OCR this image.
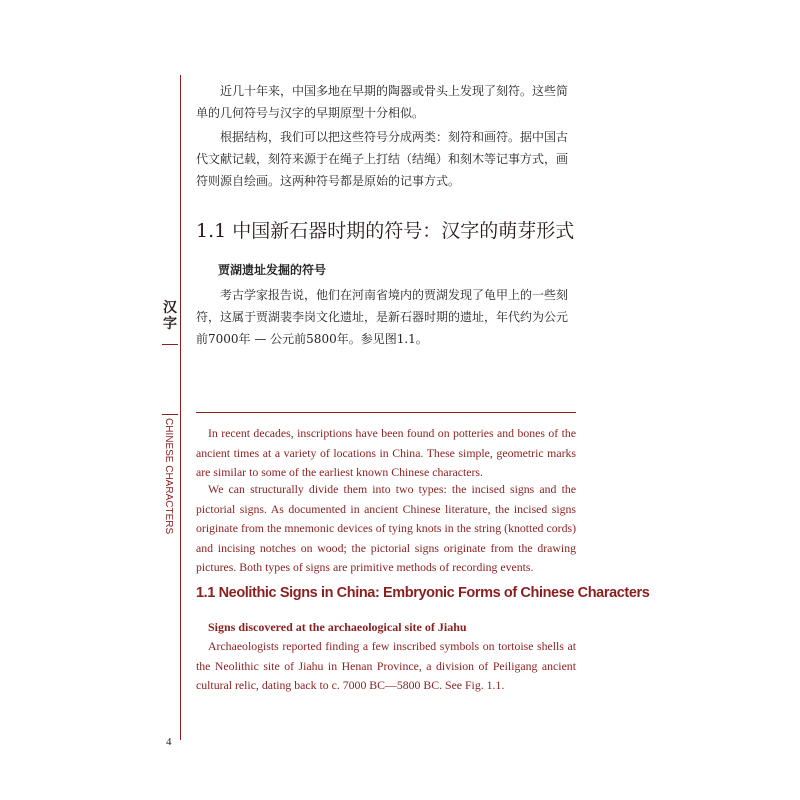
汉字
CHINESE CHARACTERS

近几十年来，中国多地在早期的陶器或骨头上发现了刻符。这些简单的几何符号与汉字的早期原型十分相似。

根据结构，我们可以把这些符号分成两类：刻符和画符。据中国古代文献记载，刻符来源于在绳子上打结（结绳）和刻木等记事方式，画符则源自绘画。这两种符号都是原始的记事方式。

1.1 中国新石器时期的符号：汉字的萌芽形式
贾湖遗址发掘的符号

考古学家报告说，他们在河南省境内的贾湖发现了龟甲上的一些刻符，这属于贾湖裴李岗文化遗址，是新石器时期的遗址，年代约为公元前7000年 — 公元前5800年。参见图1.1。

In recent decades, inscriptions have been found on potteries and bones of the ancient times at a variety of locations in China. These simple, geometric marks are similar to some of the earliest known Chinese characters.

We can structurally divide them into two types: the incised signs and the pictorial signs. As documented in ancient Chinese literature, the incised signs originate from the mnemonic devices of tying knots in the string (knotted cords) and incising notches on wood; the pictorial signs originate from the drawing pictures. Both types of signs are primitive methods of recording events.

1.1 Neolithic Signs in China: Embryonic Forms of Chinese Characters
Signs discovered at the archaeological site of Jiahu

Archaeologists reported finding a few inscribed symbols on tortoise shells at the Neolithic site of Jiahu in Henan Province, a division of Peiligang ancient cultural relic, dating back to c. 7000 BC—5800 BC. See Fig. 1.1.

4
